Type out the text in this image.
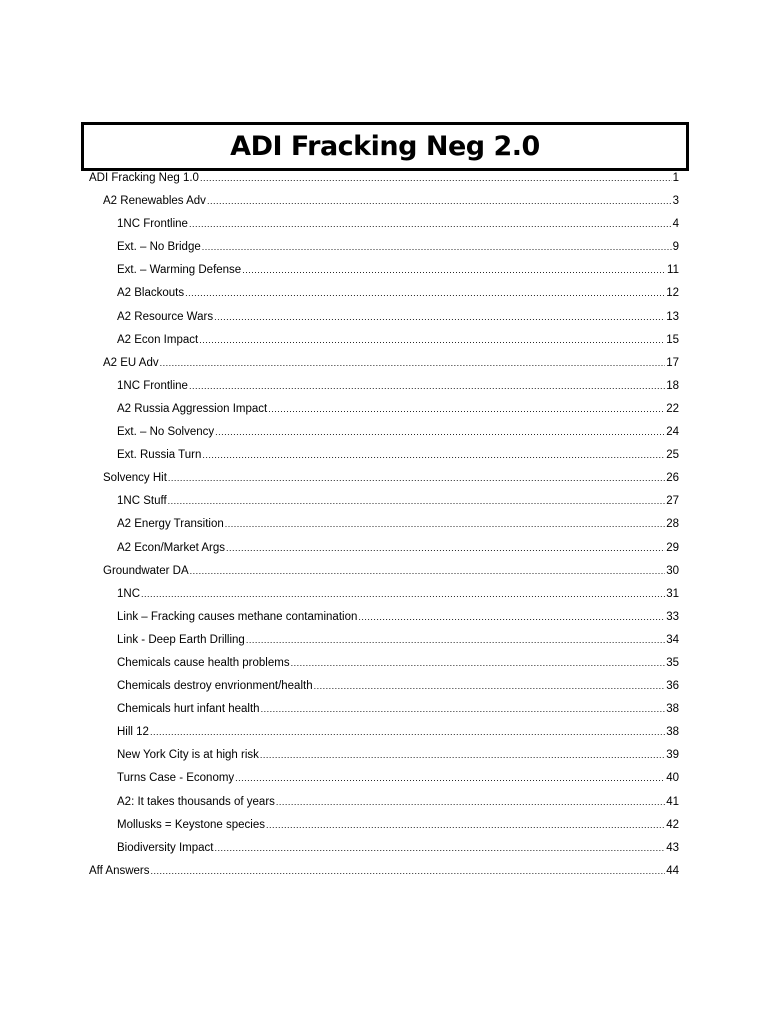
ADI Fracking Neg 2.0
ADI Fracking Neg 1.0 .....	1
A2 Renewables Adv .....	3
1NC Frontline .....	4
Ext. – No Bridge .....	9
Ext. – Warming Defense .....	11
A2 Blackouts .....	12
A2 Resource Wars .....	13
A2 Econ Impact .....	15
A2 EU Adv .....	17
1NC Frontline .....	18
A2 Russia Aggression Impact .....	22
Ext. – No Solvency .....	24
Ext. Russia Turn .....	25
Solvency Hit .....	26
1NC Stuff .....	27
A2 Energy Transition .....	28
A2 Econ/Market Args .....	29
Groundwater DA .....	30
1NC .....	31
Link – Fracking causes methane contamination .....	33
Link - Deep Earth Drilling .....	34
Chemicals cause health problems .....	35
Chemicals destroy envrionment/health .....	36
Chemicals hurt infant health .....	38
Hill 12 .....	38
New York City is at high risk .....	39
Turns Case - Economy .....	40
A2: It takes thousands of years .....	41
Mollusks = Keystone species .....	42
Biodiversity Impact .....	43
Aff Answers .....	44
